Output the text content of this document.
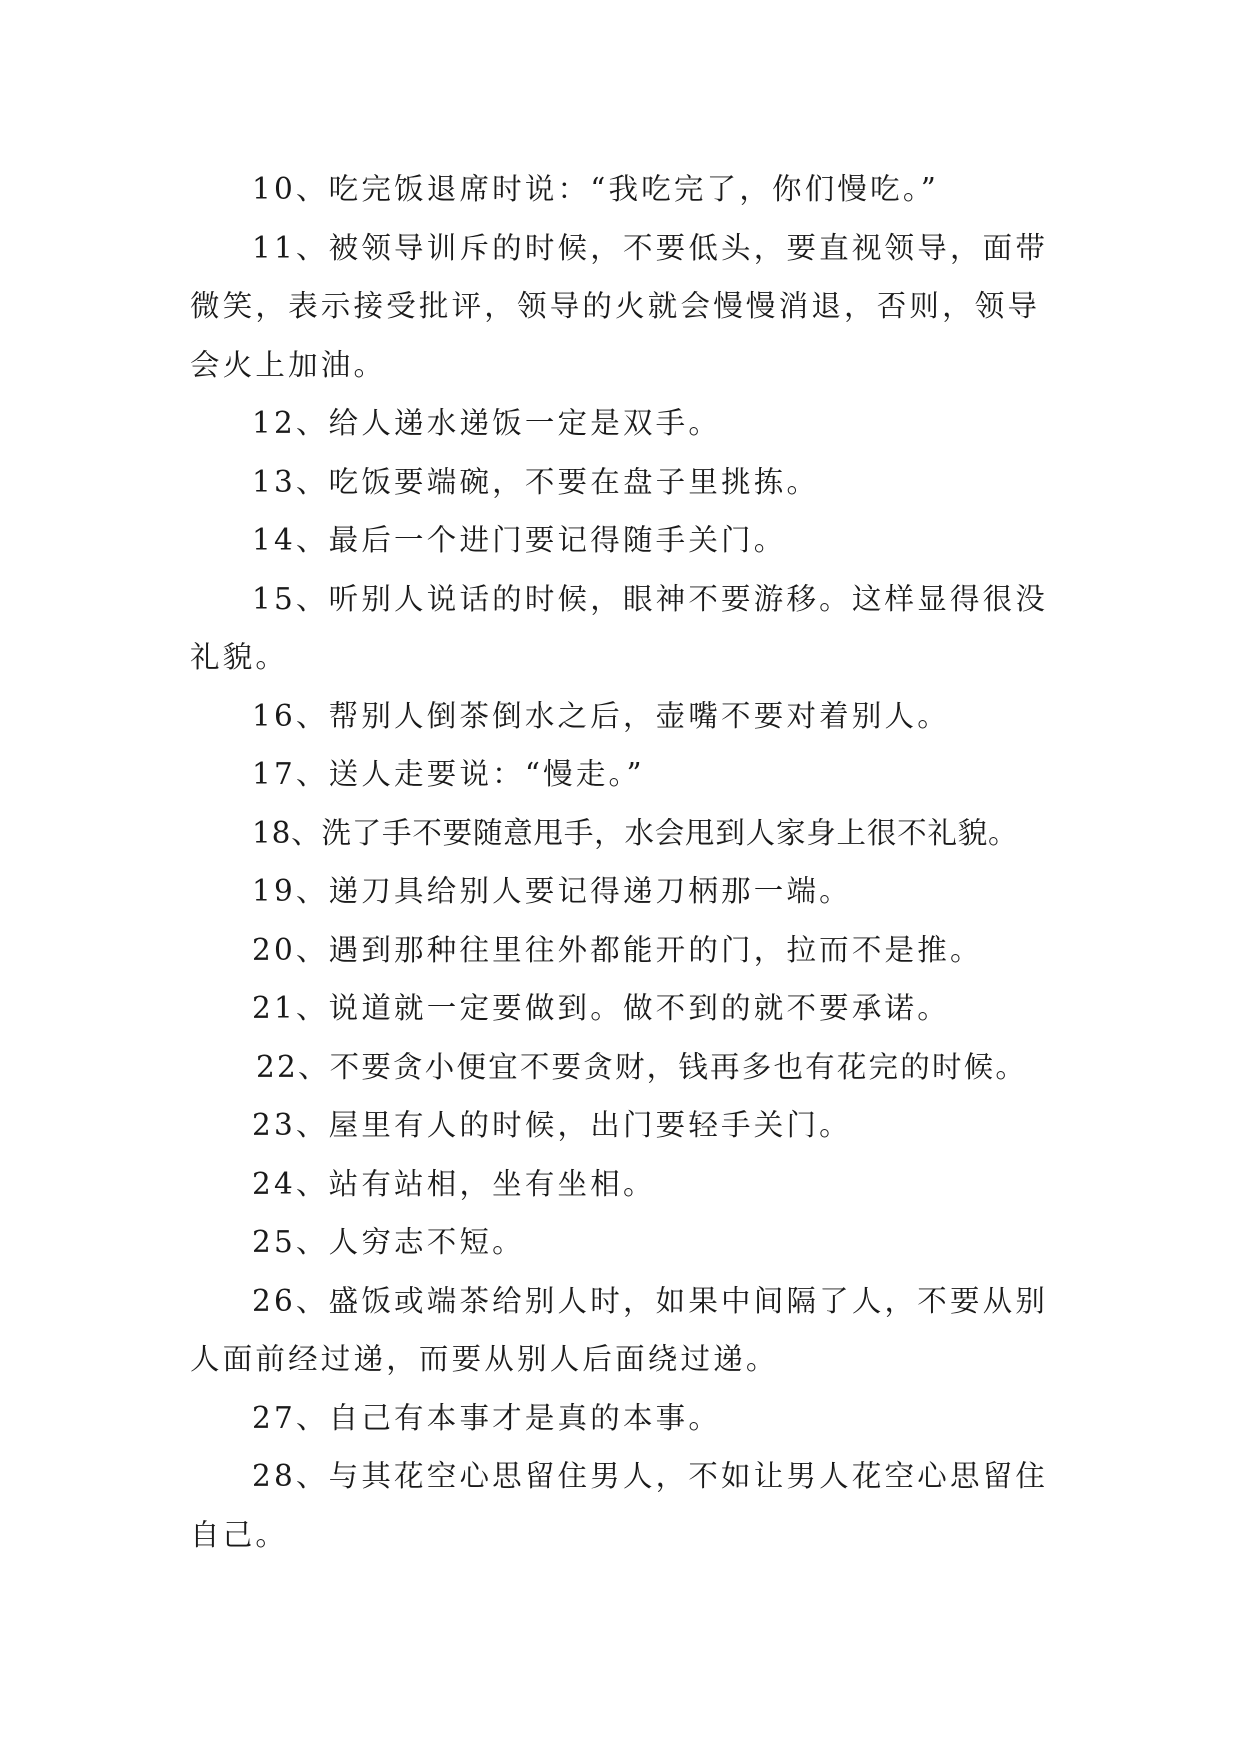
10、吃完饭退席时说：“我吃完了，你们慢吃。”

11、被领导训斥的时候，不要低头，要直视领导，面带微笑，表示接受批评，领导的火就会慢慢消退，否则，领导会火上加油。

12、给人递水递饭一定是双手。

13、吃饭要端碗，不要在盘子里挑拣。

14、最后一个进门要记得随手关门。

15、听别人说话的时候，眼神不要游移。这样显得很没礼貌。

16、帮别人倒茶倒水之后，壶嘴不要对着别人。

17、送人走要说：“慢走。”

18、洗了手不要随意甩手，水会甩到人家身上很不礼貌。

19、递刀具给别人要记得递刀柄那一端。

20、遇到那种往里往外都能开的门，拉而不是推。

21、说道就一定要做到。做不到的就不要承诺。

22、不要贪小便宜不要贪财，钱再多也有花完的时候。

23、屋里有人的时候，出门要轻手关门。

24、站有站相，坐有坐相。

25、人穷志不短。

26、盛饭或端茶给别人时，如果中间隔了人，不要从别人面前经过递，而要从别人后面绕过递。

27、自己有本事才是真的本事。

28、与其花空心思留住男人，不如让男人花空心思留住自己。
